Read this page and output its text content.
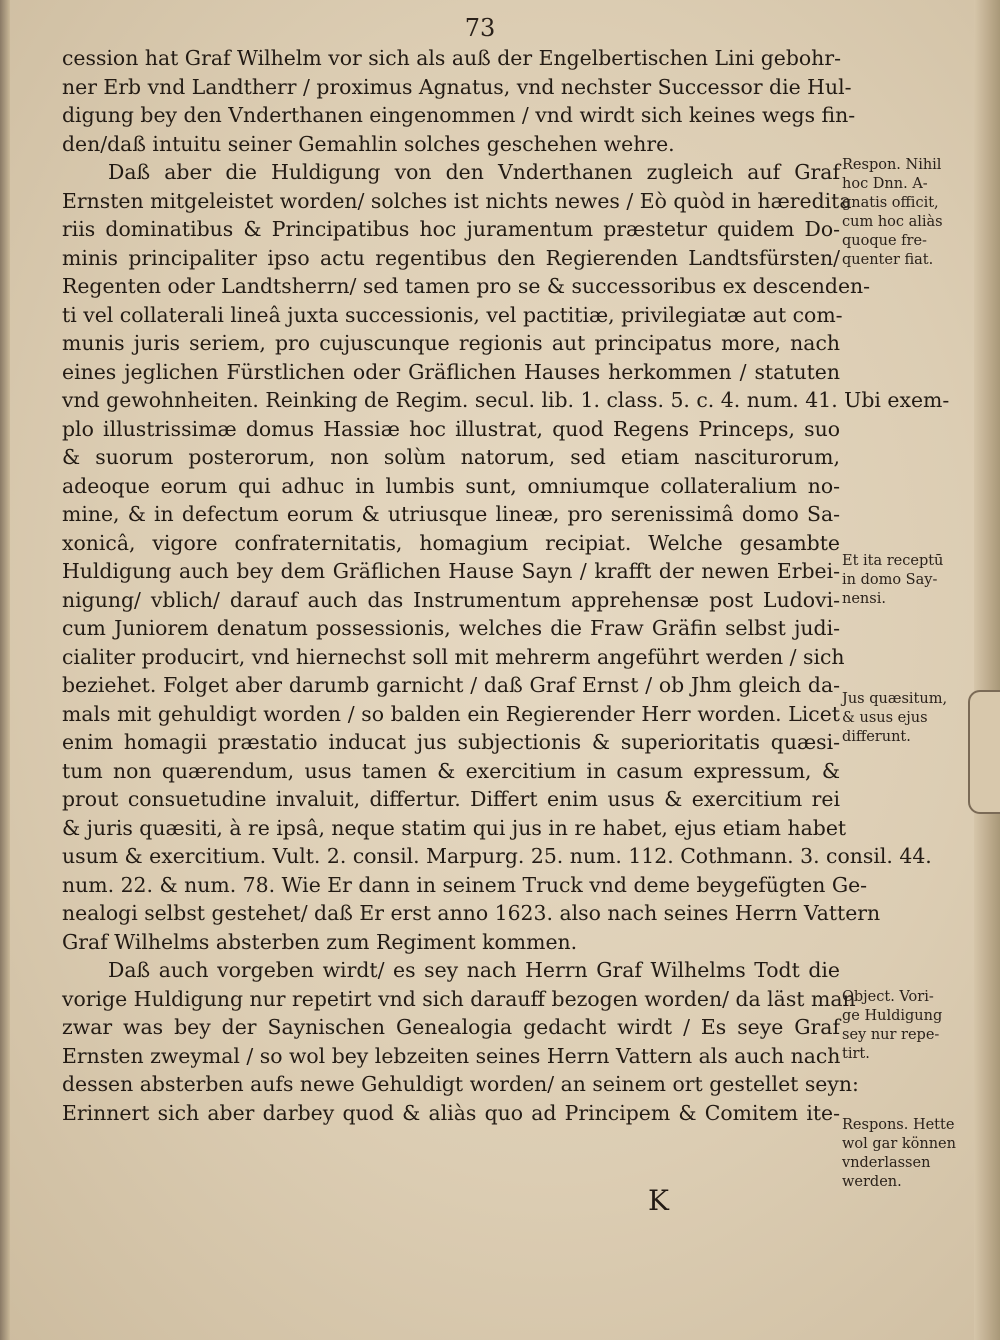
73
cession hat Graf Wilhelm vor sich als auß der Engelbertischen Lini gebohr-
ner Erb vnd Landtherr / proximus Agnatus, vnd nechster Successor die Hul-
digung bey den Vnderthanen eingenommen / vnd wirdt sich keines wegs fin-
den/daß intuitu seiner Gemahlin solches geschehen wehre.
Daß aber die Huldigung von den Vnderthanen zugleich auf Graf
Ernsten mitgeleistet worden/ solches ist nichts newes / Eò quòd in hæredita
riis dominatibus & Principatibus hoc juramentum præstetur quidem Do-
minis principaliter ipso actu regentibus den Regierenden Landtsfürsten/
Regenten oder Landtsherrn/ sed tamen pro se & successoribus ex descenden-
ti vel collaterali lineâ juxta successionis, vel pactitiæ, privilegiatæ aut com-
munis juris seriem, pro cujuscunque regionis aut principatus more, nach
eines jeglichen Fürstlichen oder Gräflichen Hauses herkommen / statuten
vnd gewohnheiten. Reinking de Regim. secul. lib. 1. class. 5. c. 4. num. 41. Ubi exem-
plo illustrissimæ domus Hassiæ hoc illustrat, quod Regens Princeps, suo
& suorum posterorum, non solùm natorum, sed etiam nasciturorum,
adeoque eorum qui adhuc in lumbis sunt, omniumque collateralium no-
mine, & in defectum eorum & utriusque lineæ, pro serenissimâ domo Sa-
xonicâ, vigore confraternitatis, homagium recipiat. Welche gesambte
Huldigung auch bey dem Gräflichen Hause Sayn / krafft der newen Erbei-
nigung/ vblich/ darauf auch das Instrumentum apprehensæ post Ludovi-
cum Juniorem denatum possessionis, welches die Fraw Gräfin selbst judi-
cialiter producirt, vnd hiernechst soll mit mehrerm angeführt werden / sich
beziehet. Folget aber darumb garnicht / daß Graf Ernst / ob Jhm gleich da-
mals mit gehuldigt worden / so balden ein Regierender Herr worden. Licet
enim homagii præstatio inducat jus subjectionis & superioritatis quæsi-
tum non quærendum, usus tamen & exercitium in casum expressum, &
prout consuetudine invaluit, differtur. Differt enim usus & exercitium rei
& juris quæsiti, à re ipsâ, neque statim qui jus in re habet, ejus etiam habet
usum & exercitium. Vult. 2. consil. Marpurg. 25. num. 112. Cothmann. 3. consil. 44.
num. 22. & num. 78. Wie Er dann in seinem Truck vnd deme beygefügten Ge-
nealogi selbst gestehet/ daß Er erst anno 1623. also nach seines Herrn Vattern
Graf Wilhelms absterben zum Regiment kommen.
Daß auch vorgeben wirdt/ es sey nach Herrn Graf Wilhelms Todt die
vorige Huldigung nur repetirt vnd sich darauff bezogen worden/ da läst man
zwar was bey der Saynischen Genealogia gedacht wirdt / Es seye Graf
Ernsten zweymal / so wol bey lebzeiten seines Herrn Vattern als auch nach
dessen absterben aufs newe Gehuldigt worden/ an seinem ort gestellet seyn:
Erinnert sich aber darbey quod & aliàs quo ad Principem & Comitem ite-
Respon. Nihil
hoc Dnn. A-
gnatis officit,
cum hoc aliàs
quoque fre-
quenter fiat.
Et ita receptū
in domo Say-
nensi.
Jus quæsitum,
& usus ejus
differunt.
Object. Vori-
ge Huldigung
sey nur repe-
tirt.
Respons. Hette
wol gar können
vnderlassen
werden.
K
